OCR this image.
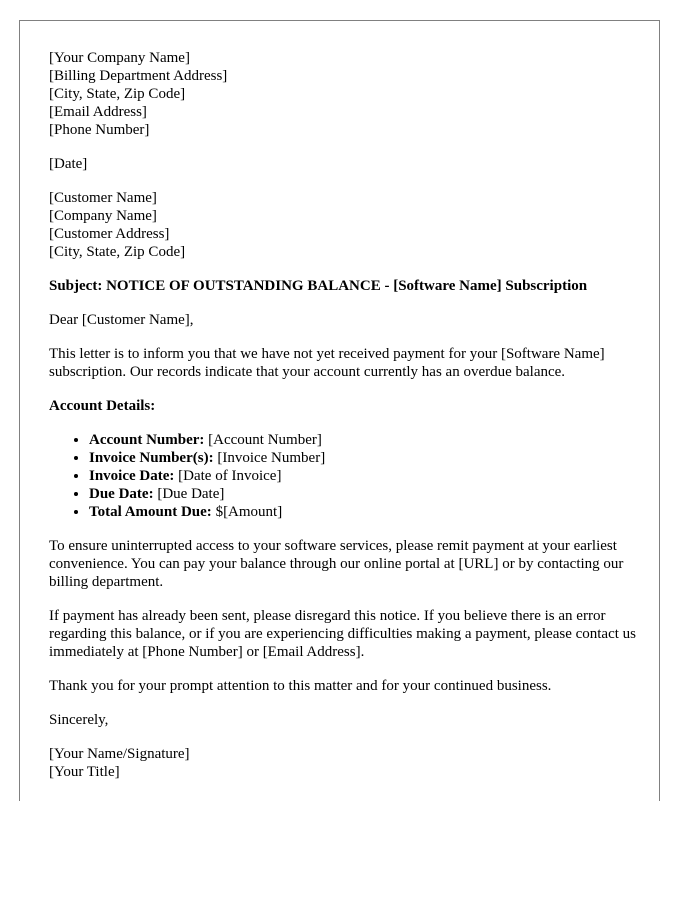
[Your Company Name]
[Billing Department Address]
[City, State, Zip Code]
[Email Address]
[Phone Number]
[Date]
[Customer Name]
[Company Name]
[Customer Address]
[City, State, Zip Code]

Subject: NOTICE OF OUTSTANDING BALANCE - [Software Name] Subscription

Dear [Customer Name],

This letter is to inform you that we have not yet received payment for your [Software Name] subscription. Our records indicate that your account currently has an overdue balance.

Account Details:

• Account Number: [Account Number]
• Invoice Number(s): [Invoice Number]
• Invoice Date: [Date of Invoice]
• Due Date: [Due Date]
• Total Amount Due: $[Amount]

To ensure uninterrupted access to your software services, please remit payment at your earliest convenience. You can pay your balance through our online portal at [URL] or by contacting our billing department.

If payment has already been sent, please disregard this notice. If you believe there is an error regarding this balance, or if you are experiencing difficulties making a payment, please contact us immediately at [Phone Number] or [Email Address].

Thank you for your prompt attention to this matter and for your continued business.

Sincerely,

[Your Name/Signature]
[Your Title]
